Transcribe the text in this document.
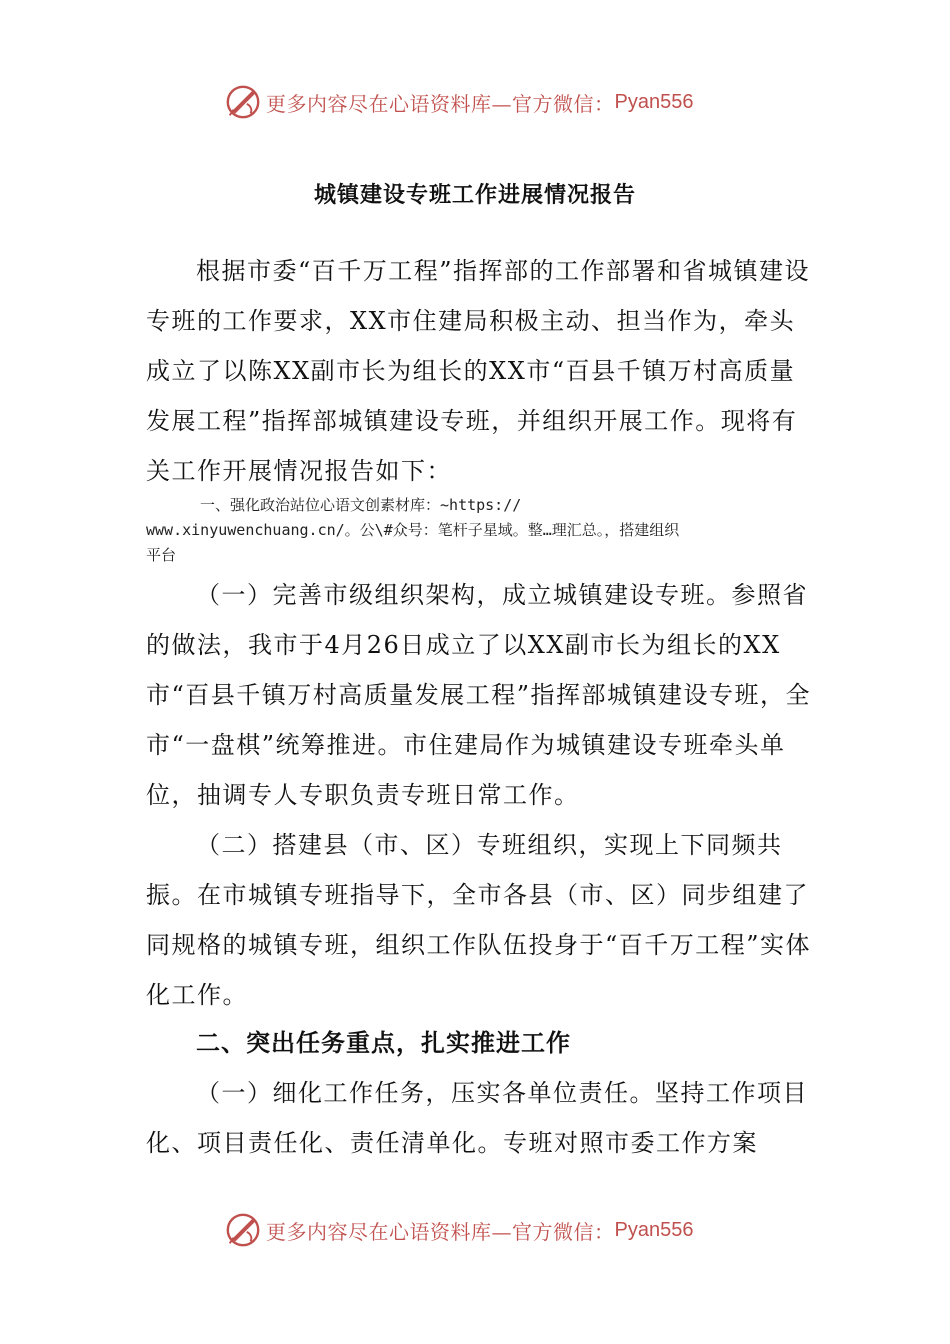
更多内容尽在心语资料库—官方微信： Pyan556
城镇建设专班工作进展情况报告

根据市委“百千万工程”指挥部的工作部署和省城镇建设专班的工作要求，XX市住建局积极主动、担当作为，牵头成立了以陈XX副市长为组长的XX市“百县千镇万村高质量发展工程”指挥部城镇建设专班，并组织开展工作。现将有关工作开展情况报告如下：

一、强化政治站位心语文创素材库：~https://
www.xinyuwenchuang.cn/。公\#众号：笔杆子星域。整…理汇总。，搭建组织
平台

（一）完善市级组织架构，成立城镇建设专班。参照省的做法，我市于4月26日成立了以XX副市长为组长的XX市“百县千镇万村高质量发展工程”指挥部城镇建设专班，全市“一盘棋”统筹推进。市住建局作为城镇建设专班牵头单位，抽调专人专职负责专班日常工作。

（二）搭建县（市、区）专班组织，实现上下同频共振。在市城镇专班指导下，全市各县（市、区）同步组建了同规格的城镇专班，组织工作队伍投身于“百千万工程”实体化工作。

二、突出任务重点，扎实推进工作

（一）细化工作任务，压实各单位责任。坚持工作项目化、项目责任化、责任清单化。专班对照市委工作方案

更多内容尽在心语资料库—官方微信： Pyan556
